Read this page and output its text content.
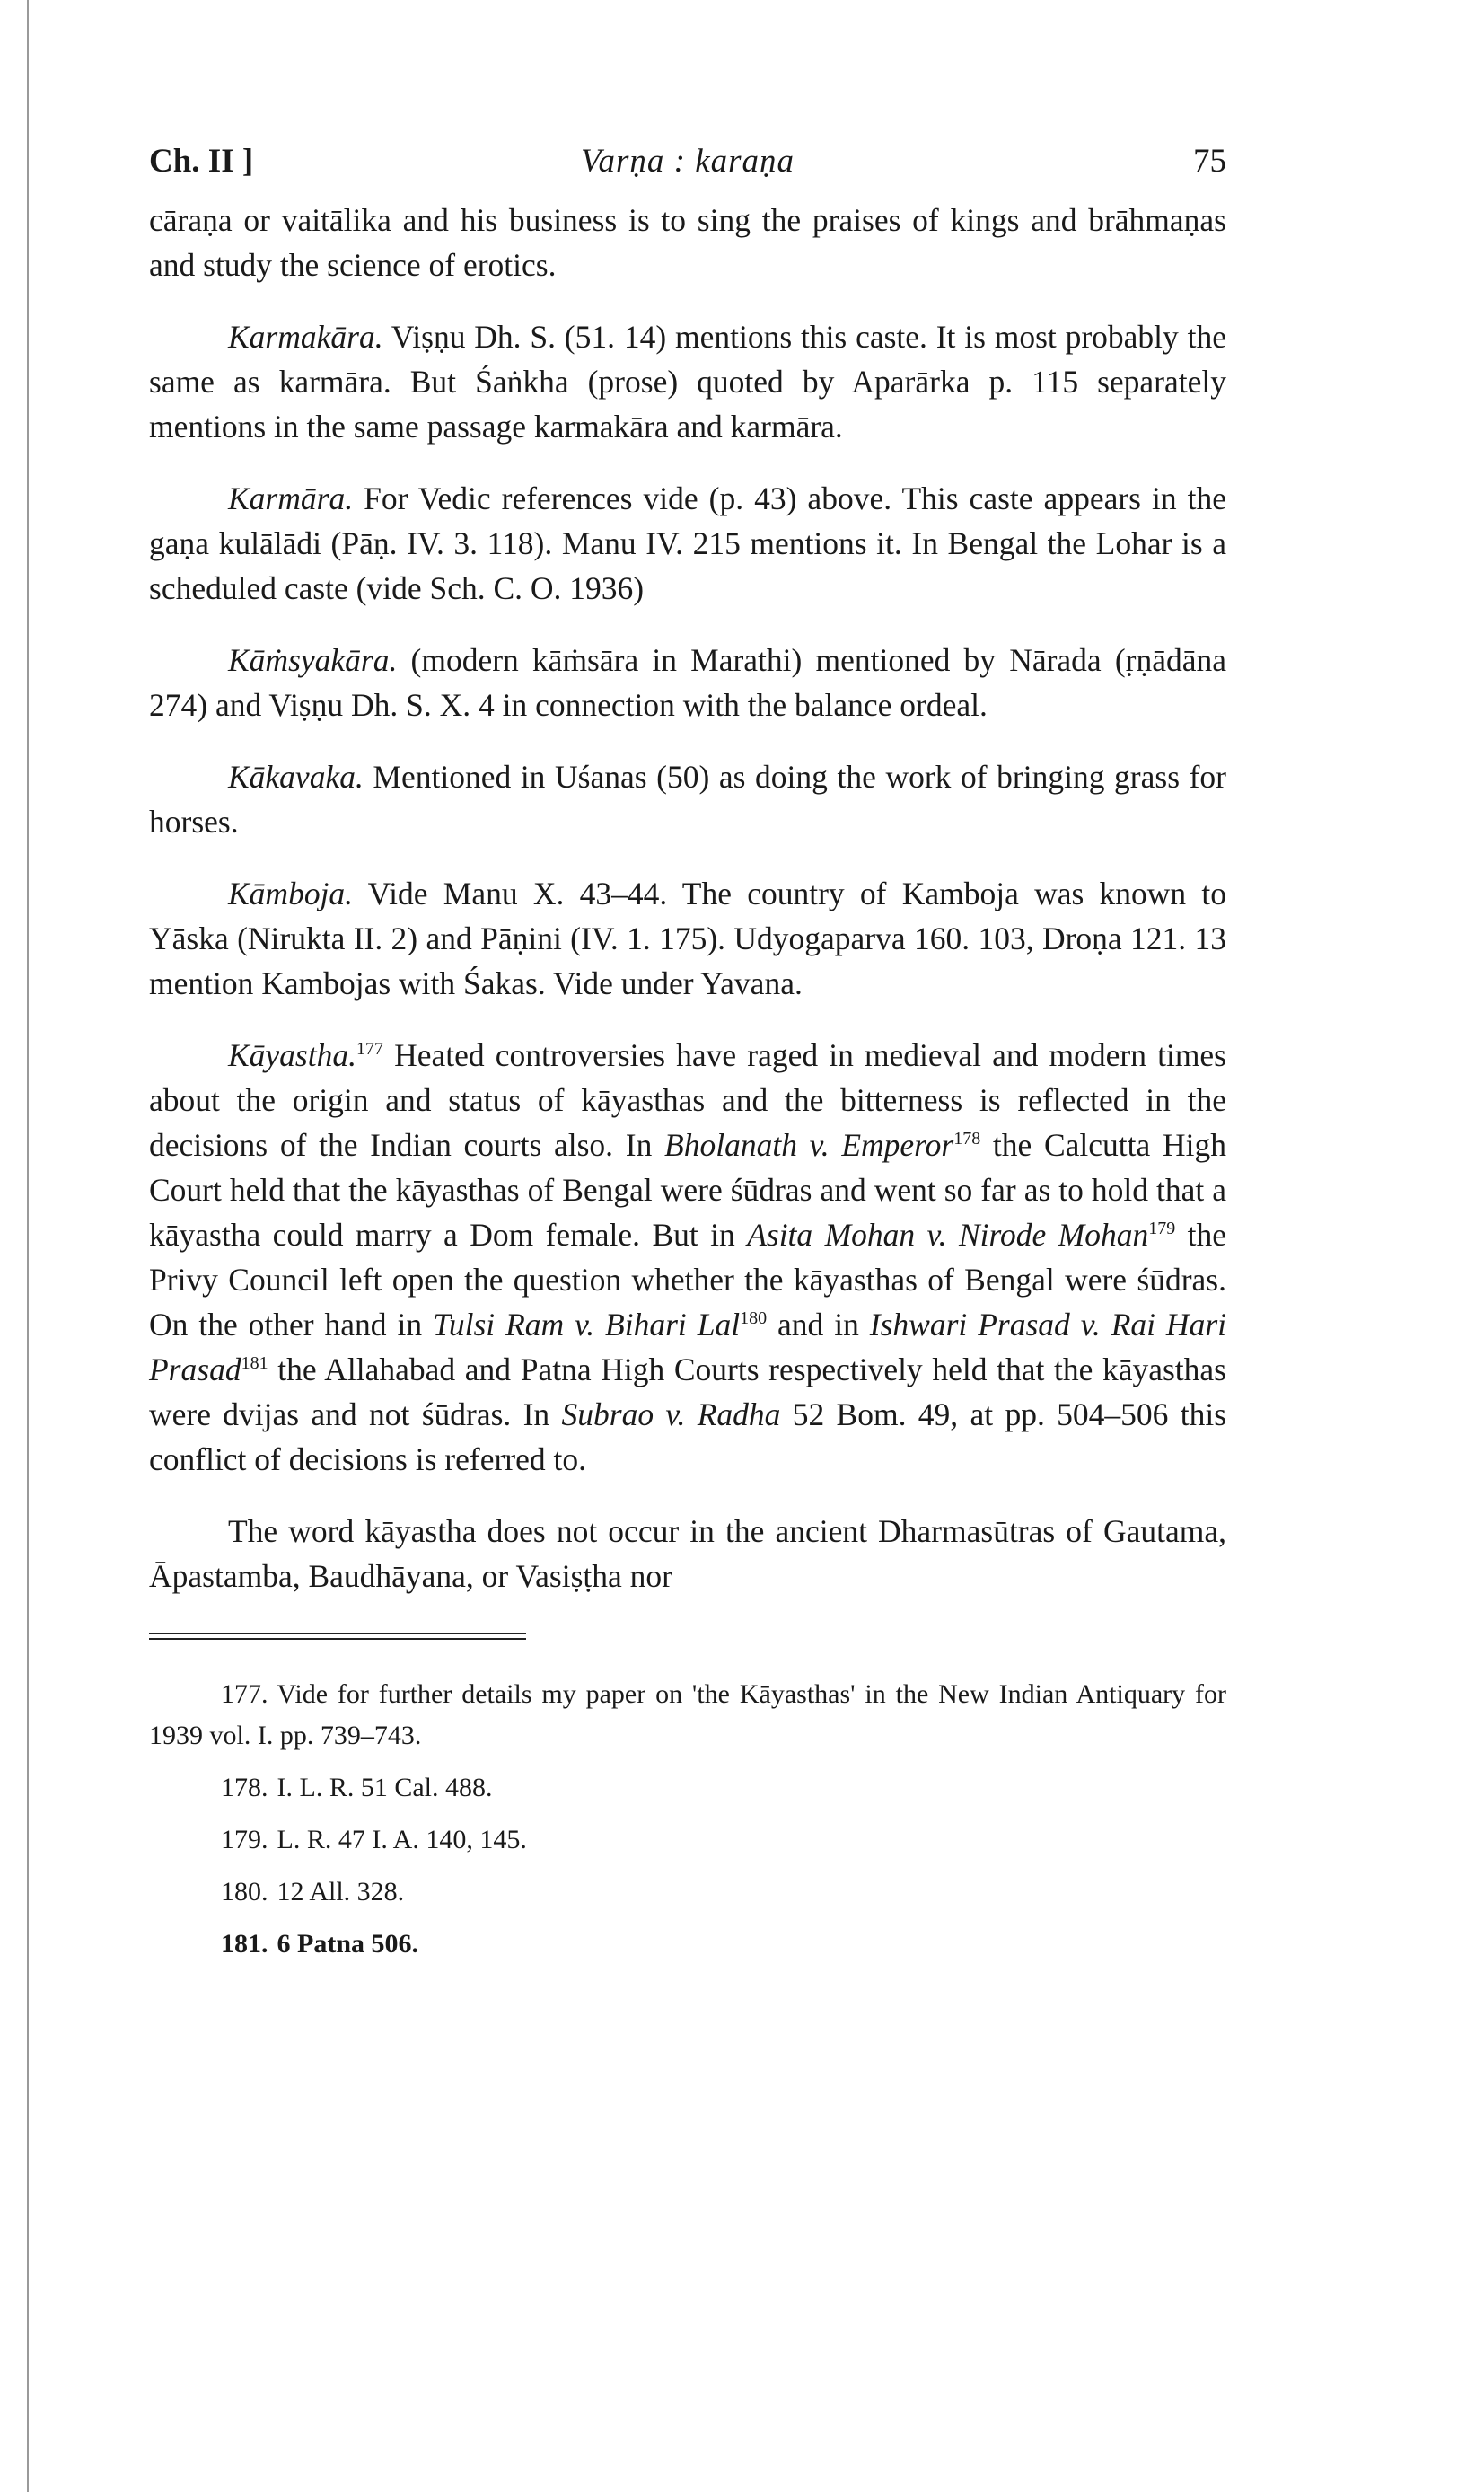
Ch. II ]	Varṇa : karaṇa	75

cāraṇa or vaitālika and his business is to sing the praises of kings and brāhmaṇas and study the science of erotics.

Karmakāra. Viṣṇu Dh. S. (51. 14) mentions this caste. It is most probably the same as karmāra. But Śaṅkha (prose) quoted by Aparārka p. 115 separately mentions in the same passage karmakāra and karmāra.

Karmāra. For Vedic references vide (p. 43) above. This caste appears in the gaṇa kulālādi (Pāṇ. IV. 3. 118). Manu IV. 215 mentions it. In Bengal the Lohar is a scheduled caste (vide Sch. C. O. 1936)

Kāṁsyakāra. (modern kāṁsāra in Marathi) mentioned by Nārada (ṛṇādāna 274) and Viṣṇu Dh. S. X. 4 in connection with the balance ordeal.

Kākavaka. Mentioned in Uśanas (50) as doing the work of bringing grass for horses.

Kāmboja. Vide Manu X. 43–44. The country of Kamboja was known to Yāska (Nirukta II. 2) and Pāṇini (IV. 1. 175). Udyogaparva 160. 103, Droṇa 121. 13 mention Kambojas with Śakas. Vide under Yavana.

Kāyastha.$^{177}$ Heated controversies have raged in medieval and modern times about the origin and status of kāyasthas and the bitterness is reflected in the decisions of the Indian courts also. In Bholanath v. Emperor$^{178}$ the Calcutta High Court held that the kāyasthas of Bengal were śūdras and went so far as to hold that a kāyastha could marry a Dom female. But in Asita Mohan v. Nirode Mohan$^{179}$ the Privy Council left open the question whether the kāyasthas of Bengal were śūdras. On the other hand in Tulsi Ram v. Bihari Lal$^{180}$ and in Ishwari Prasad v. Rai Hari Prasad$^{181}$ the Allahabad and Patna High Courts respectively held that the kāyasthas were dvijas and not śūdras. In Subrao v. Radha 52 Bom. 49, at pp. 504–506 this conflict of decisions is referred to.

The word kāyastha does not occur in the ancient Dharmasūtras of Gautama, Āpastamba, Baudhāyana, or Vasiṣṭha nor

177. Vide for further details my paper on 'the Kāyasthas' in the New Indian Antiquary for 1939 vol. I. pp. 739–743.
178. I. L. R. 51 Cal. 488.
179. L. R. 47 I. A. 140, 145.
180. 12 All. 328.
181. 6 Patna 506.
